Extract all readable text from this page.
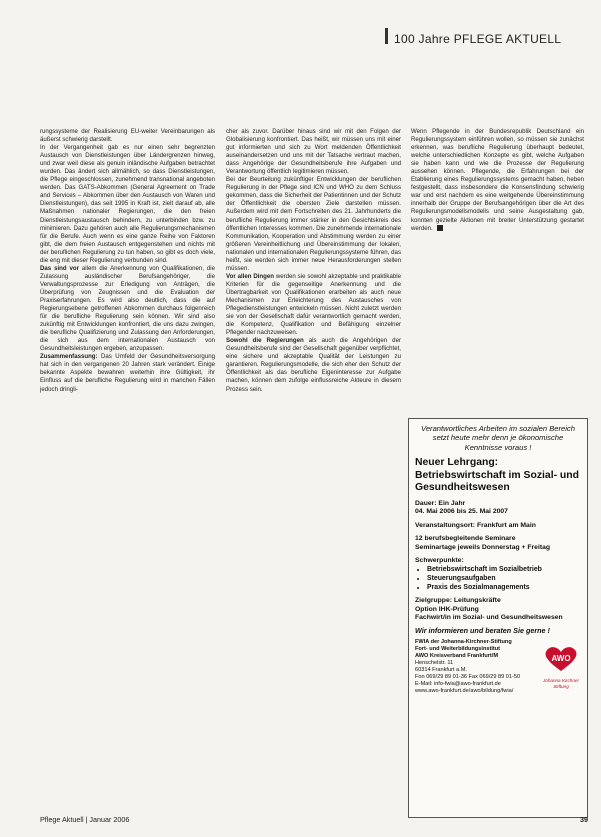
100 Jahre PFLEGE AKTUELL

rungssysteme der Realisierung EU-weiter Vereinbarungen als äußerst schwierig darstellt.

In der Vergangenheit gab es nur einen sehr begrenzten Austausch von Dienstleistungen über Ländergrenzen hinweg, und zwar weil diese als genuin inländische Aufgaben betrachtet wurden. Das ändert sich allmählich, so dass Dienstleistungen, die Pflege eingeschlossen, zunehmend transnational angeboten werden. Das GATS-Abkommen (General Agreement on Trade and Services – Abkommen über den Austausch von Waren und Dienstleistungen), das seit 1995 in Kraft ist, zielt darauf ab, alle Maßnahmen nationaler Regierungen, die den freien Dienstleistungsaustausch behindern, zu unterbinden bzw. zu minimieren. Dazu gehören auch alle Regulierungsmechanismen für die Berufe. Auch wenn es eine ganze Reihe von Faktoren gibt, die dem freien Austausch entgegenstehen und nichts mit der beruflichen Regulierung zu tun haben, so gibt es doch viele, die eng mit dieser Regulierung verbunden sind.

Das sind vor allem die Anerkennung von Qualifikationen, die Zulassung ausländischer Berufsangehöriger, die Verwaltungsprozesse zur Erledigung von Anträgen, die Überprüfung von Zeugnissen und die Evaluation der Praxiserfahrungen. Es wird also deutlich, dass die auf Regierungsebene getroffenen Abkommen durchaus folgenreich für die berufliche Regulierung sein können. Wir sind also zukünftig mit Entwicklungen konfrontiert, die uns dazu zwingen, die berufliche Qualifizierung und Zulassung den Anforderungen, die sich aus dem internationalen Austausch von Gesundheitsleistungen ergeben, anzupassen.

Zusammenfassung: Das Umfeld der Gesundheitsversorgung hat sich in den vergangenen 20 Jahren stark verändert. Einige bekannte Aspekte bewahren weiterhin ihre Gültigkeit, ihr Einfluss auf die berufliche Regulierung wird in manchen Fällen jedoch dringli-

cher als zuvor. Darüber hinaus sind wir mit den Folgen der Globalisierung konfrontiert. Das heißt, wir müssen uns mit einer gut informierten und sich zu Wort meldenden Öffentlichkeit auseinandersetzen und uns mit der Tatsache vertraut machen, dass Angehörige der Gesundheitsberufe ihre Aufgaben und Verantwortung öffentlich legitimieren müssen.

Bei der Beurteilung zukünftiger Entwicklungen der beruflichen Regulierung in der Pflege sind ICN und WHO zu dem Schluss gekommen, dass die Sicherheit der Patientinnen und der Schutz der Öffentlichkeit die obersten Ziele darstellen müssen. Außerdem wird mit dem Fortschreiten des 21. Jahrhunderts die berufliche Regulierung immer stärker in den Gesichtskreis des öffentlichen Interesses kommen. Die zunehmende internationale Kommunikation, Kooperation und Abstimmung werden zu einer größeren Vereinheitlichung und Übereinstimmung der lokalen, nationalen und internationalen Regulierungssysteme führen, das heißt, sie werden sich immer neue Herausforderungen stellen müssen.

Vor allen Dingen werden sie sowohl akzeptable und praktikable Kriterien für die gegenseitige Anerkennung und die Übertragbarkeit von Qualifikationen erarbeiten als auch neue Mechanismen zur Erleichterung des Austausches von Pflegedienstleistungen entwickeln müssen. Nicht zuletzt werden sie von der Gesellschaft dafür verantwortlich gemacht werden, die Kompetenz, Qualifikation und Befähigung einzelner Pflegender nachzuweisen.

Sowohl die Regierungen als auch die Angehörigen der Gesundheitsberufe sind der Gesellschaft gegenüber verpflichtet, eine sichere und akzeptable Qualität der Leistungen zu garantieren. Regulierungsmodelle, die sich eher den Schutz der Öffentlichkeit als das berufliche Eigeninteresse zur Aufgabe machen, können dem zufolge einflussreiche Akteure in diesem Prozess sein.

Wenn Pflegende in der Bundesrepublik Deutschland ein Regulierungssystem einführen wollen, so müssen sie zunächst erkennen, was berufliche Regulierung überhaupt bedeutet, welche unterschiedlichen Konzepte es gibt, welche Aufgaben sie haben kann und wie die Prozesse der Regulierung aussehen können. Pflegende, die Erfahrungen bei der Etablierung eines Regulierungssystems gemacht haben, heben festgestellt, dass insbesondere die Konsensfindung schwierig war und erst nachdem es eine weitgehende Übereinstimmung innerhalb der Gruppe der Berufsangehörigen über die Art des Regulierungsmodellsmodells und seine Ausgestaltung gab, konnten gezielte Aktionen mit breiter Unterstützung gestartet werden.

Verantwortliches Arbeiten im sozialen Bereich setzt heute mehr denn je ökonomische Kenntnisse voraus !
Neuer Lehrgang:
Betriebswirtschaft im Sozial- und Gesundheitswesen
Dauer: Ein Jahr
04. Mai 2006 bis 25. Mai 2007
Veranstaltungsort: Frankfurt am Main
12 berufsbegleitende Seminare
Seminartage jeweils Donnerstag + Freitag
Schwerpunkte:
• Betriebswirtschaft im Sozialbetrieb
• Steuerungsaufgaben
• Praxis des Sozialmanagements
Zielgruppe: Leitungskräfte
Option IHK-Prüfung
Fachwirt/in im Sozial- und Gesundheitswesen
Wir informieren und beraten Sie gerne !
FWIA der Johanna-Kirchner-Stiftung
Fort- und Weiterbildungsinstitut
AWO Kreisverband Frankfurt/M
Henschelstr. 11
60314 Frankfurt a.M.
Fon 069/29 89 01-36 Fax 069/29 89 01-50
E-Mail: info-fwia@awo-frankfurt.de
www.awo-frankfurt.de/awo/bildung/fwia/
AWO
Johanna Kirchner Stiftung
Pflege Aktuell | Januar 2006	39
